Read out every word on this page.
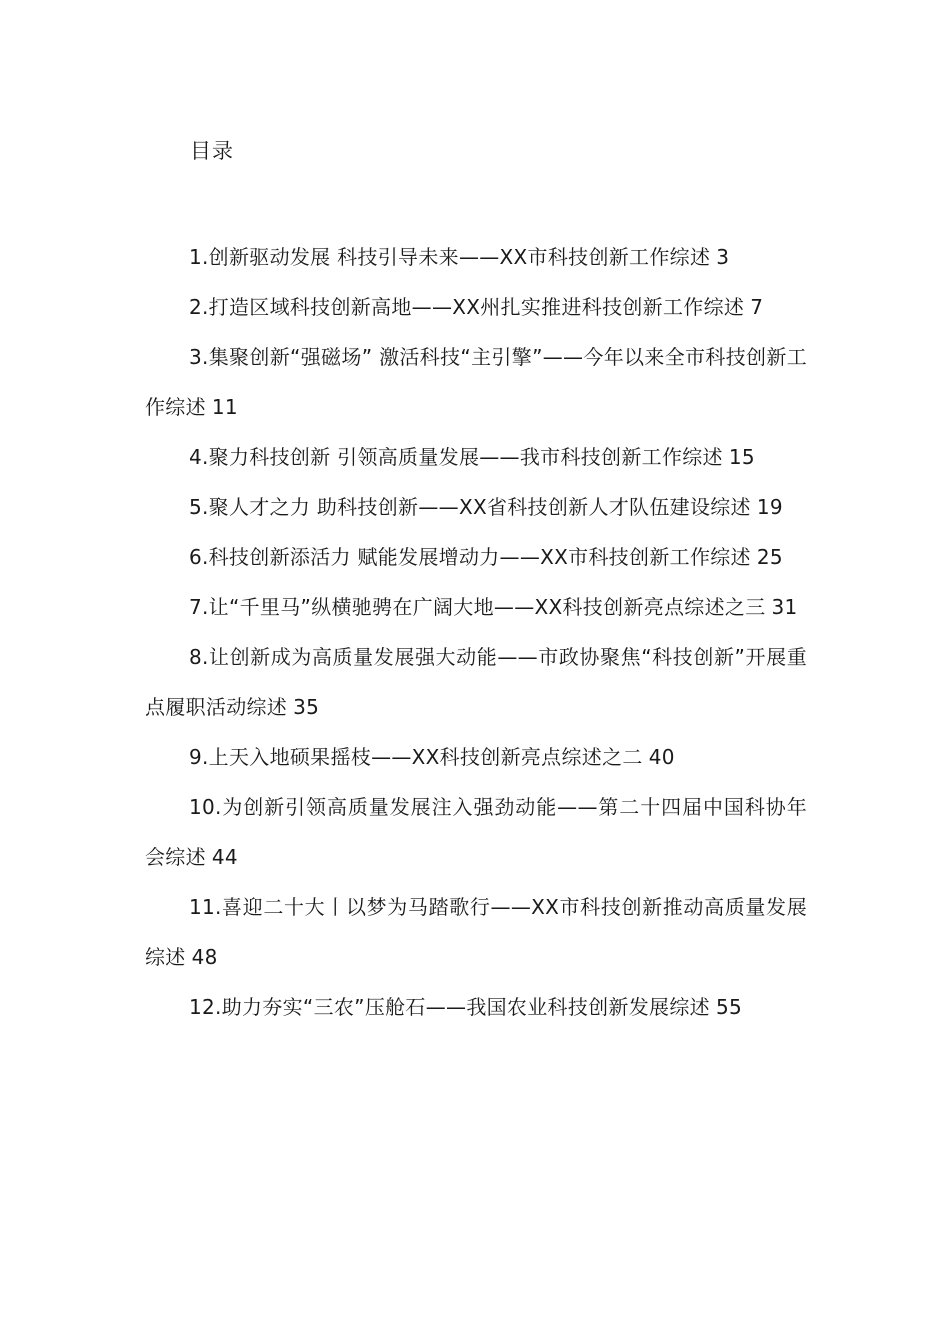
目录

1.创新驱动发展 科技引导未来——XX市科技创新工作综述 3

2.打造区域科技创新高地——XX州扎实推进科技创新工作综述 7

3.集聚创新“强磁场” 激活科技“主引擎”——今年以来全市科技创新工作综述 11

4.聚力科技创新 引领高质量发展——我市科技创新工作综述 15

5.聚人才之力 助科技创新——XX省科技创新人才队伍建设综述 19

6.科技创新添活力 赋能发展增动力——XX市科技创新工作综述 25

7.让“千里马”纵横驰骋在广阔大地——XX科技创新亮点综述之三 31

8.让创新成为高质量发展强大动能——市政协聚焦“科技创新”开展重点履职活动综述 35

9.上天入地硕果摇枝——XX科技创新亮点综述之二 40

10.为创新引领高质量发展注入强劲动能——第二十四届中国科协年会综述 44

11.喜迎二十大丨以梦为马踏歌行——XX市科技创新推动高质量发展综述 48

12.助力夯实“三农”压舱石——我国农业科技创新发展综述 55
